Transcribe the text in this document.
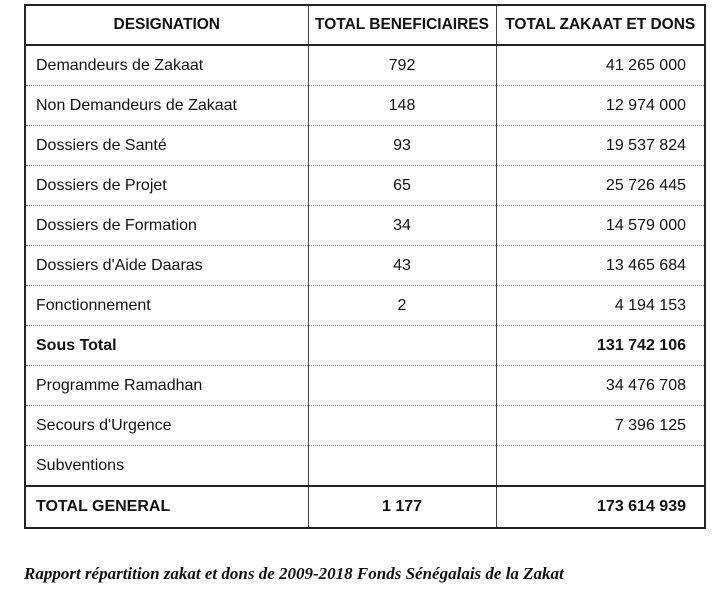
DESIGNATION	TOTAL BENEFICIAIRES	TOTAL ZAKAAT ET DONS
Demandeurs de Zakaat	792	41 265 000
Non Demandeurs de Zakaat	148	12 974 000
Dossiers de Santé	93	19 537 824
Dossiers de Projet	65	25 726 445
Dossiers de Formation	34	14 579 000
Dossiers d'Aide Daaras	43	13 465 684
Fonctionnement	2	4 194 153
Sous Total		131 742 106
Programme Ramadhan		34 476 708
Secours d'Urgence		7 396 125
Subventions		
TOTAL GENERAL	1 177	173 614 939
Rapport répartition zakat et dons de 2009-2018 Fonds Sénégalais de la Zakat
